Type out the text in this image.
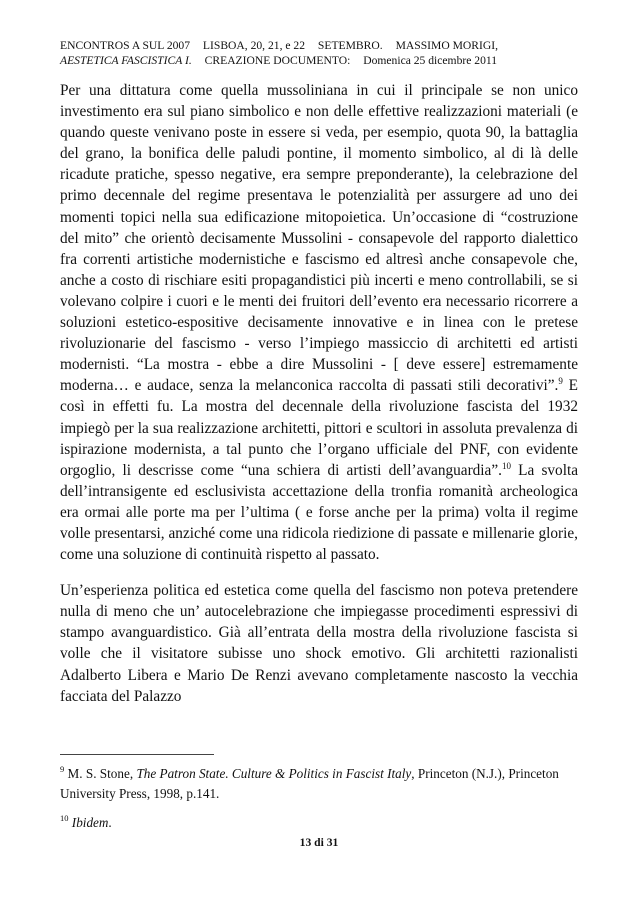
ENCONTROS A SUL 2007 LISBOA, 20, 21, e 22 SETEMBRO. MASSIMO MORIGI,
AESTETICA FASCISTICA I. CREAZIONE DOCUMENTO: Domenica 25 dicembre 2011

Per una dittatura come quella mussoliniana in cui il principale se non unico investimento era sul piano simbolico e non delle effettive realizzazioni materiali (e quando queste venivano poste in essere si veda, per esempio, quota 90, la battaglia del grano, la bonifica delle paludi pontine, il momento simbolico, al di là delle ricadute pratiche, spesso negative, era sempre preponderante), la celebrazione del primo decennale del regime presentava le potenzialità per assurgere ad uno dei momenti topici nella sua edificazione mitopoietica. Un’occasione di “costruzione del mito” che orientò decisamente Mussolini - consapevole del rapporto dialettico fra correnti artistiche modernistiche e fascismo ed altresì anche consapevole che, anche a costo di rischiare esiti propagandistici più incerti e meno controllabili, se si volevano colpire i cuori e le menti dei fruitori dell’evento era necessario ricorrere a soluzioni estetico-espositive decisamente innovative e in linea con le pretese rivoluzionarie del fascismo - verso l’impiego massiccio di architetti ed artisti modernisti. “La mostra - ebbe a dire Mussolini - [ deve essere] estremamente moderna… e audace, senza la melanconica raccolta di passati stili decorativi”.$^9$ E così in effetti fu. La mostra del decennale della rivoluzione fascista del 1932 impiegò per la sua realizzazione architetti, pittori e scultori in assoluta prevalenza di ispirazione modernista, a tal punto che l’organo ufficiale del PNF, con evidente orgoglio, li descrisse come “una schiera di artisti dell’avanguardia”.$^{10}$ La svolta dell’intransigente ed esclusivista accettazione della tronfia romanità archeologica era ormai alle porte ma per l’ultima ( e forse anche per la prima) volta il regime volle presentarsi, anziché come una ridicola riedizione di passate e millenarie glorie, come una soluzione di continuità rispetto al passato.

Un’esperienza politica ed estetica come quella del fascismo non poteva pretendere nulla di meno che un’ autocelebrazione che impiegasse procedimenti espressivi di stampo avanguardistico. Già all’entrata della mostra della rivoluzione fascista si volle che il visitatore subisse uno shock emotivo. Gli architetti razionalisti Adalberto Libera e Mario De Renzi avevano completamente nascosto la vecchia facciata del Palazzo

$^9$ M. S. Stone, The Patron State. Culture & Politics in Fascist Italy, Princeton (N.J.), Princeton University Press, 1998, p.141.

$^{10}$ Ibidem.

13 di 31
